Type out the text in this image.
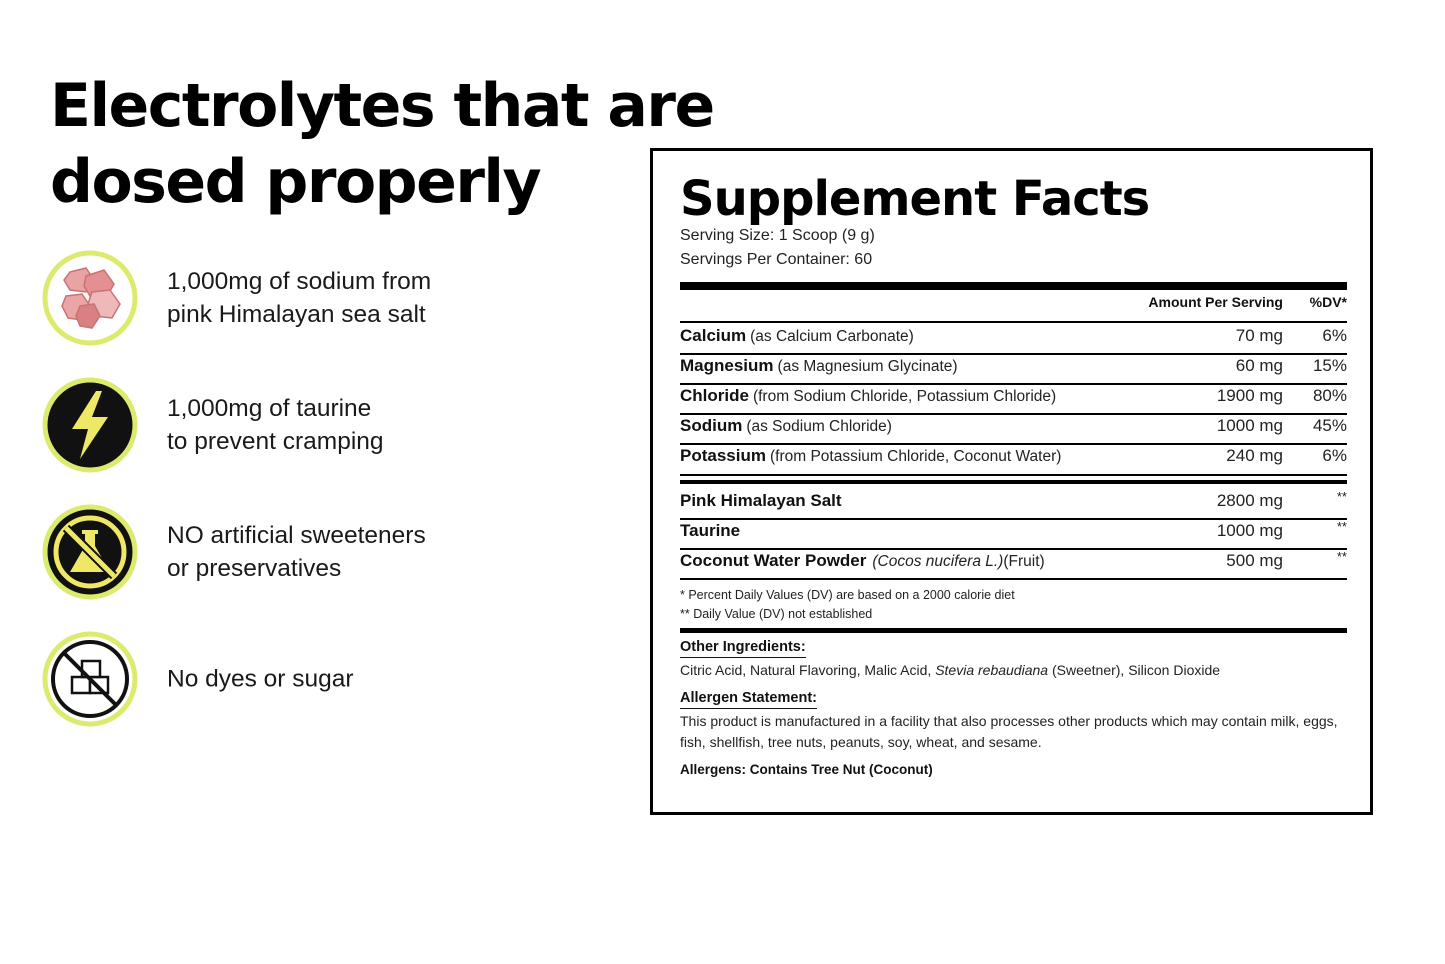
Electrolytes that are
dosed properly
1,000mg of sodium from
pink Himalayan sea salt
1,000mg of taurine
to prevent cramping
NO artificial sweeteners
or preservatives
No dyes or sugar
Supplement Facts
Serving Size: 1 Scoop (9 g)
Servings Per Container: 60
Amount Per Serving %DV*
Calcium (as Calcium Carbonate)	70 mg 6%
Magnesium (as Magnesium Glycinate)	60 mg 15%
Chloride (from Sodium Chloride, Potassium Chloride)	1900 mg 80%
Sodium (as Sodium Chloride)	1000 mg 45%
Potassium (from Potassium Chloride, Coconut Water)	240 mg 6%
Pink Himalayan Salt	2800 mg	**
Taurine	1000 mg	**
Coconut Water Powder (Cocos nucifera L.)(Fruit)	500 mg	**
* Percent Daily Values (DV) are based on a 2000 calorie diet
** Daily Value (DV) not established
Other Ingredients:
Citric Acid, Natural Flavoring, Malic Acid, Stevia rebaudiana (Sweetner), Silicon Dioxide
Allergen Statement:
This product is manufactured in a facility that also processes other products which may contain milk, eggs, fish, shellfish, tree nuts, peanuts, soy, wheat, and sesame.
Allergens: Contains Tree Nut (Coconut)
